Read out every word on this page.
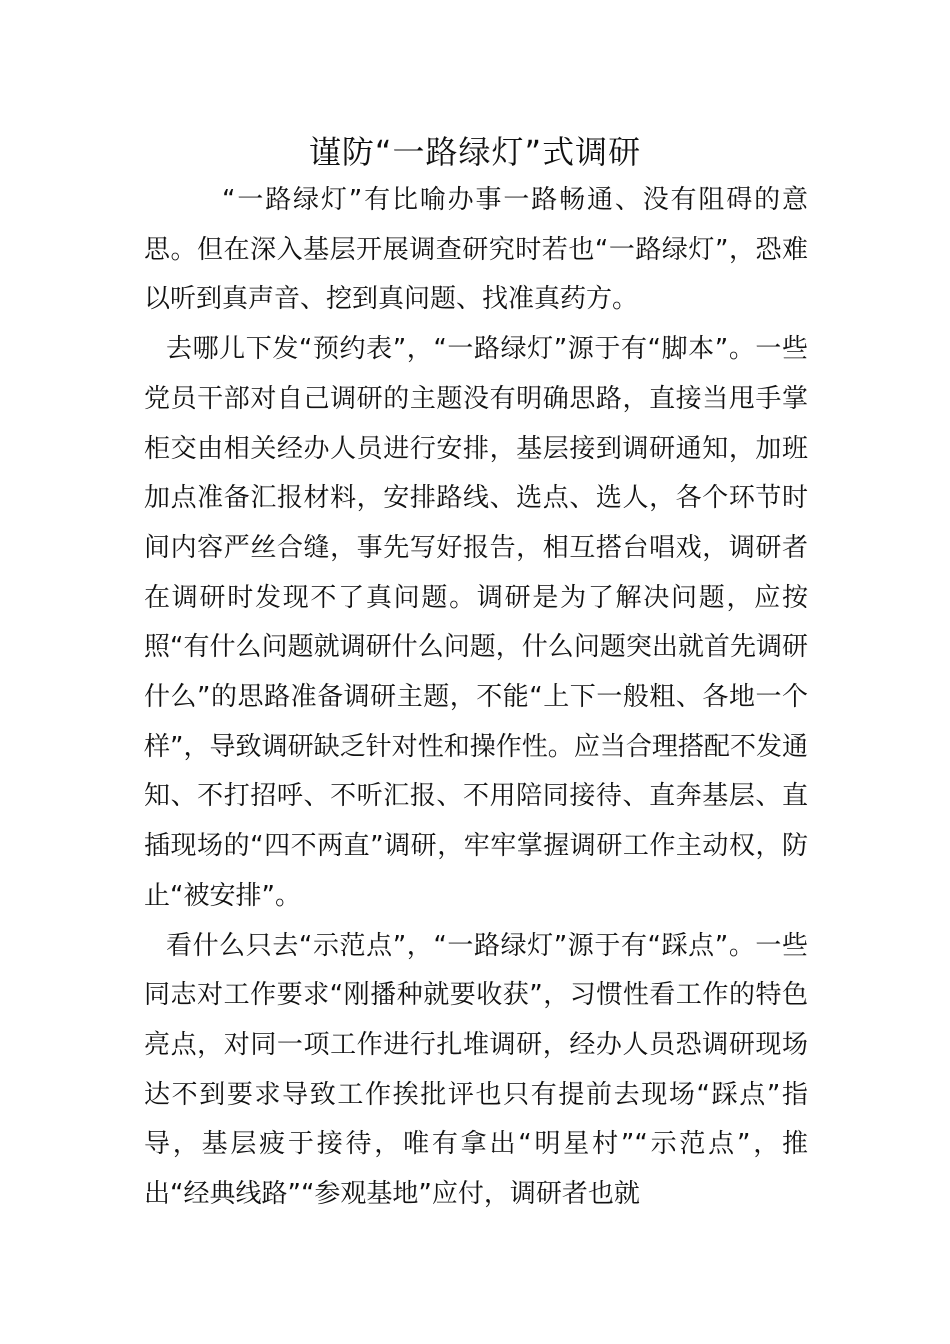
谨防“一路绿灯”式调研

“一路绿灯”有比喻办事一路畅通、没有阻碍的意思。但在深入基层开展调查研究时若也“一路绿灯”，恐难以听到真声音、挖到真问题、找准真药方。

去哪儿下发“预约表”，“一路绿灯”源于有“脚本”。一些党员干部对自己调研的主题没有明确思路，直接当甩手掌柜交由相关经办人员进行安排，基层接到调研通知，加班加点准备汇报材料，安排路线、选点、选人，各个环节时间内容严丝合缝，事先写好报告，相互搭台唱戏，调研者在调研时发现不了真问题。调研是为了解决问题，应按照“有什么问题就调研什么问题，什么问题突出就首先调研什么”的思路准备调研主题，不能“上下一般粗、各地一个样”，导致调研缺乏针对性和操作性。应当合理搭配不发通知、不打招呼、不听汇报、不用陪同接待、直奔基层、直插现场的“四不两直”调研，牢牢掌握调研工作主动权，防止“被安排”。

看什么只去“示范点”，“一路绿灯”源于有“踩点”。一些同志对工作要求“刚播种就要收获”，习惯性看工作的特色亮点，对同一项工作进行扎堆调研，经办人员恐调研现场达不到要求导致工作挨批评也只有提前去现场“踩点”指导，基层疲于接待，唯有拿出“明星村”“示范点”，推出“经典线路”“参观基地”应付，调研者也就
